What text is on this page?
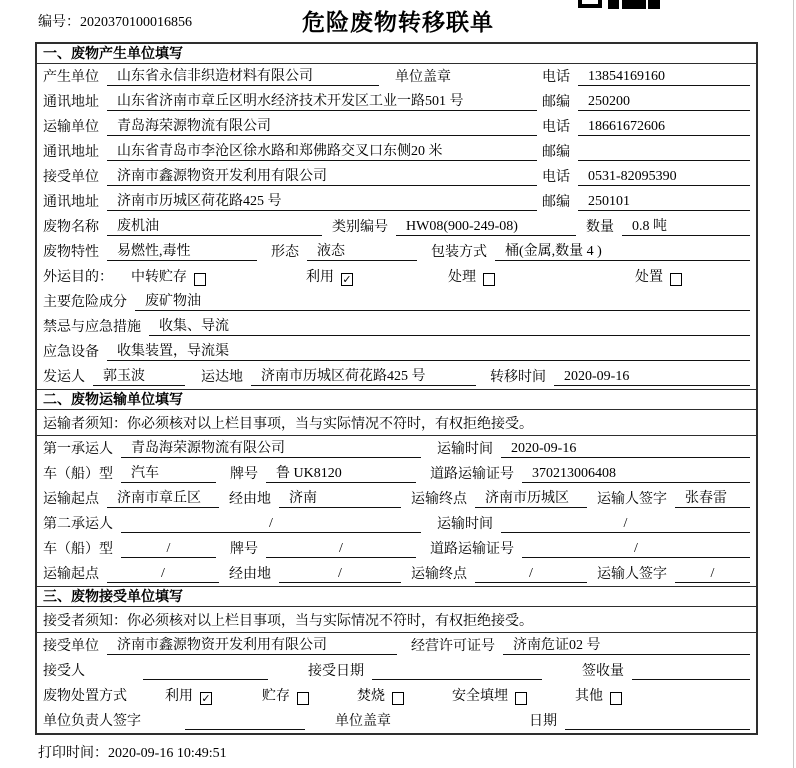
编号：2020370100016856	危险废物转移联单
一、废物产生单位填写
产生单位	山东省永信非织造材料有限公司	单位盖章	电话	13854169160
通讯地址	山东省济南市章丘区明水经济技术开发区工业一路501 号	邮编	250200
运输单位	青岛海荣源物流有限公司	电话	18661672606
通讯地址	山东省青岛市李沧区徐水路和郑佛路交叉口东侧20 米	邮编
接受单位	济南市鑫源物资开发利用有限公司	电话	0531-82095390
通讯地址	济南市历城区荷花路425 号	邮编	250101
废物名称	废机油	类别编号	HW08(900-249-08)	数量	0.8 吨
废物特性	易燃性,毒性	形态	液态	包装方式	桶(金属,数量 4 )
外运目的： 中转贮存	利用 ✓	处理	处置
主要危险成分	废矿物油
禁忌与应急措施	收集、导流
应急设备	收集装置，导流渠
发运人	郭玉波	运达地	济南市历城区荷花路425 号	转移时间	2020-09-16
二、废物运输单位填写
运输者须知： 你必须核对以上栏目事项，当与实际情况不符时，有权拒绝接受。
第一承运人	青岛海荣源物流有限公司	运输时间	2020-09-16
车（船）型	汽车	牌号	鲁 UK8120	道路运输证号	370213006408
运输起点	济南市章丘区	经由地	济南	运输终点	济南市历城区	运输人签字	张春雷
第二承运人	/	运输时间	/
车（船）型	/	牌号	/	道路运输证号	/
运输起点	/	经由地	/	运输终点	/	运输人签字	/
三、废物接受单位填写
接受者须知： 你必须核对以上栏目事项，当与实际情况不符时，有权拒绝接受。
接受单位	济南市鑫源物资开发利用有限公司	经营许可证号	济南危证02 号
接受人	接受日期	签收量
废物处置方式	利用 ✓	贮存	焚烧	安全填埋	其他
单位负责人签字	单位盖章	日期
打印时间：2020-09-16 10:49:51
